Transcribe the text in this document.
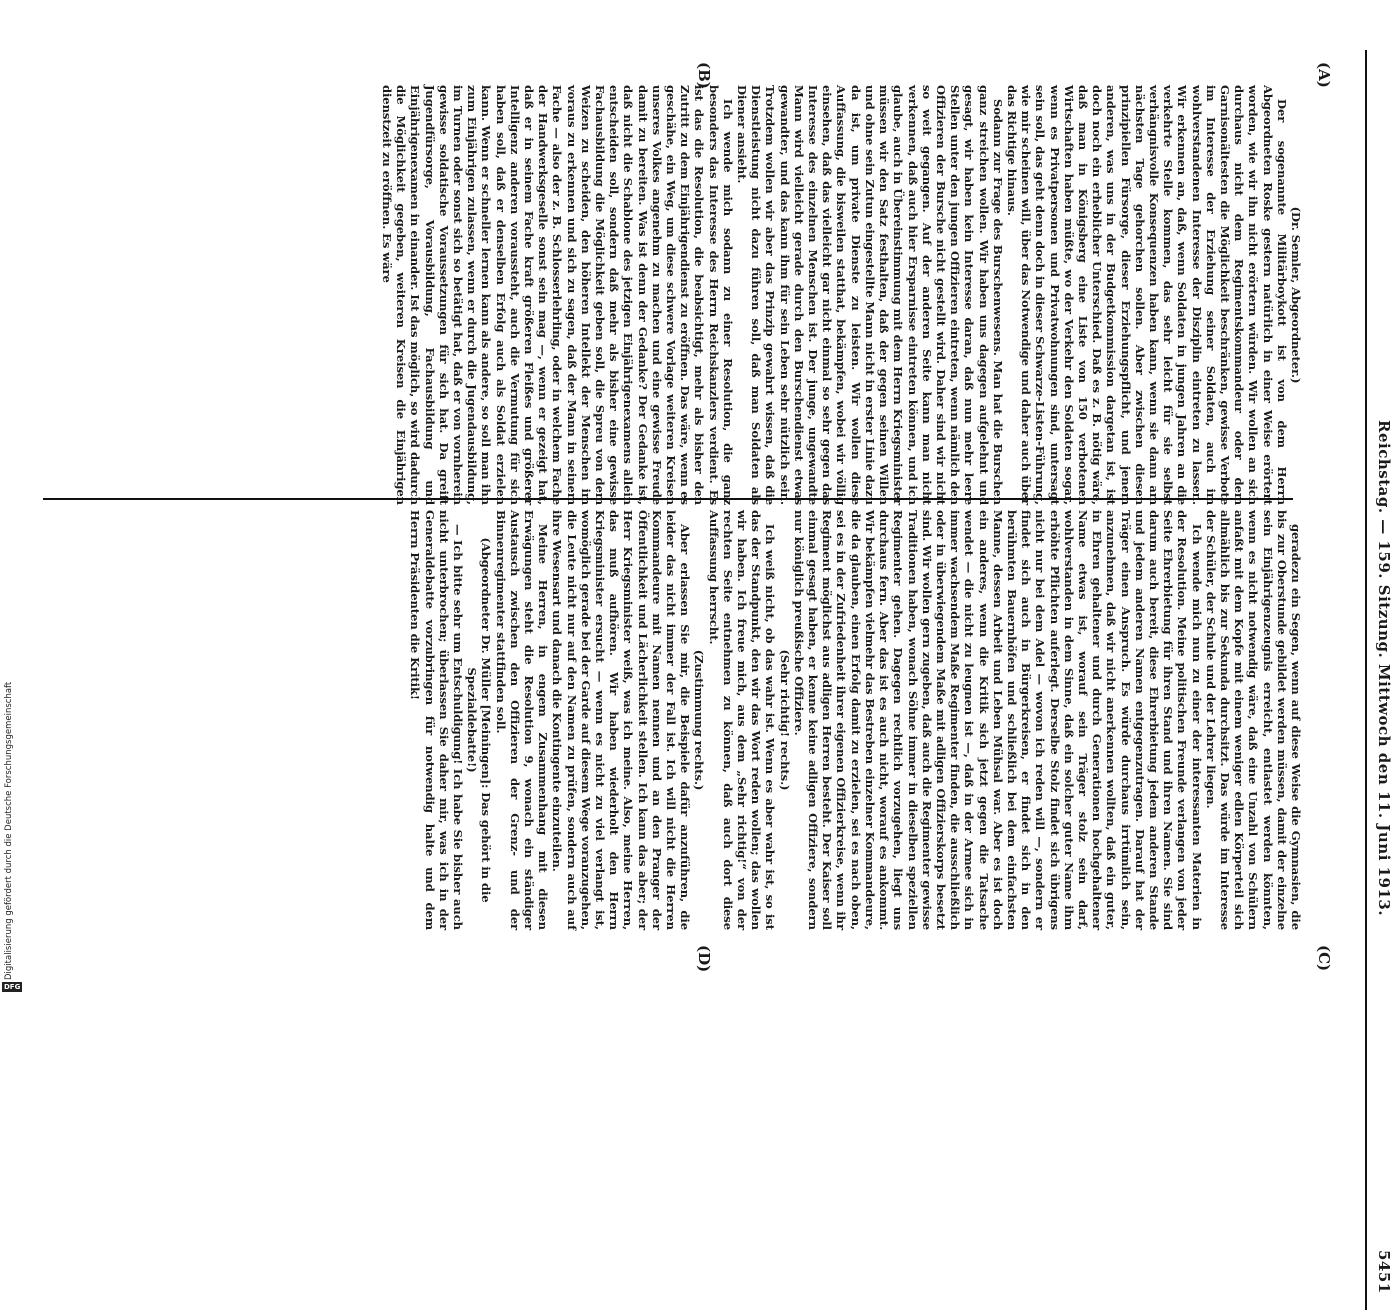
5451
Reichstag. — 159. Sitzung. Mittwoch den 11. Juni 1913.
(A)
(B)
(C)
(D)

(Dr. Semler, Abgeordneter.)

Der sogenannte Militärboykott ist von dem Herrn Abgeordneten Roske gestern natürlich in einer Weise erörtert worden, wie wir ihn nicht erörtern würden. Wir wollen an sich durchaus nicht dem Regimentskommandeur oder dem Garnisonältesten die Möglichkeit beschränken, gewisse Verbote im Interesse der Erziehung seiner Soldaten, auch im wohlverstandenen Interesse der Disziplin eintreten zu lassen. Wir erkennen an, daß, wenn Soldaten in jungen Jahren an die verkehrte Stelle kommen, das sehr leicht für sie selbst verhängnisvolle Konsequenzen haben kann, wenn sie dann am nächsten Tage gehorchen sollen. Aber zwischen diesen prinzipiellen Fürsorge, dieser Erziehungspflicht, und jenem anderen, was uns in der Budgetkommission dargetan ist, ist doch noch ein erheblicher Unterschied. Daß es z. B. nötig wäre, daß man in Königsberg eine Liste von 150 verbotenen Wirtschaften haben müßte, wo der Verkehr den Soldaten sogar, wenn es Privatpersonen und Privatwohnungen sind, untersagt sein soll, das geht denn doch in dieser Schwarze-Listen-Führung, wie mir scheinen will, über das Notwendige und daher auch über das Richtige hinaus.

Sodann zur Frage des Burschenwesens. Man hat die Burschen ganz streichen wollen. Wir haben uns dagegen aufgelehnt und gesagt, wir haben kein Interesse daran, daß nun mehr leere Stellen unter den jungen Offizieren eintreten, wenn nämlich den Offizieren der Bursche nicht gestellt wird. Daher sind wir nicht so weit gegangen. Auf der anderen Seite kann man nicht verkennen, daß auch hier Ersparnisse eintreten können, und ich glaube, auch in Übereinstimmung mit dem Herrn Kriegsminister müssen wir den Satz festhalten, daß der gegen seinen Willen und ohne sein Zutun eingestellte Mann nicht in erster Linie dazu da ist, um private Dienste zu leisten. Wir wollen diese Auffassung, die bisweilen statthat, bekämpfen, wobei wir völlig einsehen, daß das vielleicht gar nicht einmal so sehr gegen das Interesse des einzelnen Menschen ist. Der junge, ungewandte Mann wird vielleicht gerade durch den Burschendienst etwas gewandter, und das kann ihm für sein Leben sehr nützlich sein. Trotzdem wollen wir aber das Prinzip gewahrt wissen, daß die Dienstleistung nicht dazu führen soll, daß man Soldaten als Diener ansieht.

Ich wende mich sodann zu einer Resolution, die ganz besonders das Interesse des Herrn Reichskanzlers verdient. Es ist das die Resolution, die beabsichtigt, mehr als bisher den Zutritt zu dem Einjährigendienst zu eröffnen. Das wäre, wenn es geschähe, ein Weg, um diese schwere Vorlage weiteren Kreisen unseres Volkes angenehm zu machen und eine gewisse Freude damit zu bereiten. Was ist denn der Gedanke? Der Gedanke ist, daß nicht die Schablone des jetzigen Einjährigenexamens allein entscheiden soll, sondern daß mehr als bisher eine gewisse Fachausbildung die Möglichkeit geben soll, die Spreu von dem Weizen zu scheiden, den höheren Intellekt der Menschen im voraus zu erkennen und sich zu sagen, daß der Mann in seinem Fache — also der z. B. Schlosserlehrling, oder in welchem Fache der Handwerksgeselle sonst sein mag —, wenn er gezeigt hat, daß er in seinem Fache kraft größeren Fleißes und größerer Intelligenz anderen voraussteht, auch die Vermutung für sich haben soll, daß er denselben Erfolg auch als Soldat erzielen kann. Wenn er schneller lernen kann als andere, so soll man ihn zum Einjährigen zulassen, wenn er durch die Jugendausbildung, im Turnen oder sonst sich so betätigt hat, daß er von vornherein gewisse soldatische Voraussetzungen für sich hat. Da greift Jugendfürsorge, Vorausbildung, Fachausbildung und Einjährigenexamen in einander. Ist das möglich, so wird dadurch die Möglichkeit gegeben, weiteren Kreisen die Einjährigen dienstzeit zu eröffnen. Es wäre

geradezu ein Segen, wenn auf diese Weise die Gymnasien, die bis zur Oberstunde gebildet werden müssen, damit der einzelne sein Einjährigenzeugnis erreicht, entlastet werden könnten, wenn es nicht notwendig wäre, daß eine Unzahl von Schülern anfaßt mit dem Kopfe mit einem weniger edlen Körperteil sich allmählich bis zur Sekunda durchsitzt. Das würde im Interesse der Schüler, der Schule und der Lehrer liegen.

Ich wende mich nun zu einer der interessanten Materien in der Resolution. Meine politischen Freunde verlangen von jeder Seite Ehrerbietung für ihren Stand und ihren Namen. Sie sind darum auch bereit, diese Ehrerbietung jedem anderen Stande und jedem anderen Namen entgegenzutragen. Darauf hat der Träger einen Anspruch. Es würde durchaus irrtümlich sein, anzunehmen, daß wir nicht anerkennen wollten, daß ein guter, in Ehren gehaltener und durch Generationen hochgehaltener Name etwas ist, worauf sein Träger stolz sein darf, wohlverstanden in dem Sinne, daß ein solcher guter Name ihm erhöhte Pflichten auferlegt. Derselbe Stolz findet sich übrigens nicht nur bei dem Adel — wovon ich reden will —, sondern er findet sich auch in Bürgerkreisen, er findet sich in den berühmten Bauernhöfen und schließlich bei dem einfachsten Manne, dessen Arbeit und Leben Mühsal war. Aber es ist doch ein anderes, wenn die Kritik sich jetzt gegen die Tatsache wendet — die nicht zu leugnen ist —, daß in der Armee sich in immer wachsendem Maße Regimenter finden, die ausschließlich oder in überwiegendem Maße mit adligen Offizierskorps besetzt sind. Wir wollen gern zugeben, daß auch die Regimenter gewisse Traditionen haben, wonach Söhne immer in dieselben speziellen Regimenter gehen. Dagegen rechtlich vorzugehen, liegt uns durchaus fern. Aber das ist es auch nicht, worauf es ankommt. Wir bekämpfen vielmehr das Bestreben einzelner Kommandeure, die da glauben, einen Erfolg damit zu erzielen, sei es nach oben, sei es in der Zufriedenheit ihrer eigenen Offizierkreise, wenn ihr Regiment möglichst aus adligen Herren besteht. Der Kaiser soll einmal gesagt haben, er kenne keine adligen Offiziere, sondern nur königlich preußische Offiziere.

(Sehr richtig! rechts.)

Ich weiß nicht, ob das wahr ist. Wenn es aber wahr ist, so ist das der Standpunkt, den wir das Wort reden wollen; das wollen wir haben. Ich freue mich, aus dem „Sehr richtig!“ von der rechten Seite entnehmen zu können, daß auch dort diese Auffassung herrscht.

(Zustimmung rechts.)

Aber erlassen Sie mir, die Beispiele dafür anzuführen, die leider das nicht immer der Fall ist. Ich will nicht die Herren Kommandeure mit Namen nennen und an den Pranger der Öffentlichkeit und Lächerlichkeit stellen. Ich kann das aber; der Herr Kriegsminister weiß, was ich meine. Also, meine Herren, das muß aufhören. Wir haben wiederholt den Herrn Kriegsminister ersucht — wenn es nicht zu viel verlangt ist, womöglich gerade bei der Garde auf diesem Wege voranzugehen, die Leute nicht nur auf den Namen zu prüfen, sondern auch auf ihre Wesensart und danach die Kontingente einzuteilen.

Meine Herren, in engem Zusammenhang mit diesen Erwägungen steht die Resolution 9, wonach ein ständiger Austausch zwischen den Offizieren der Grenz- und der Binnenregimenter stattfinden soll.

(Abgeordneter Dr. Müller [Meiningen]: Das gehört in die Spezialdebatte!)

— Ich bitte sehr um Entschuldigung! Ich habe Sie bisher auch nicht unterbrochen; überlassen Sie daher mir, was ich in der Generaldebatte vorzubringen für notwendig halte und dem Herrn Präsidenten die Kritik!

Digitalisierung gefördert durch die Deutsche Forschungsgemeinschaft
DFG
